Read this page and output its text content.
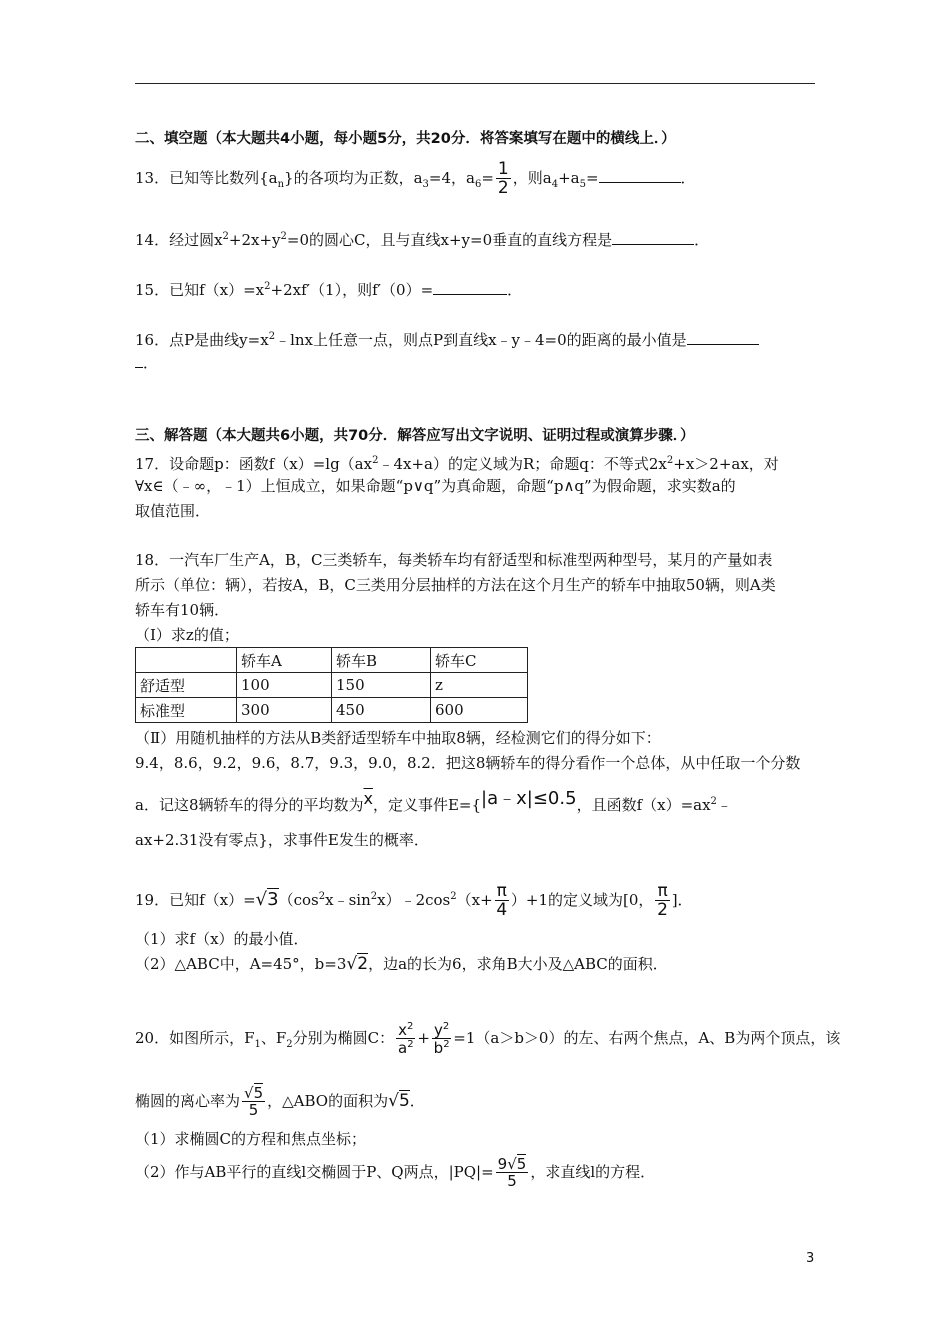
二、填空题（本大题共4小题，每小题5分，共20分．将答案填写在题中的横线上．）
13．已知等比数列$\{a_n\}$的各项均为正数，$a_3=4$，$a_6= \frac{1}{2}$ ，则$a_4+a_5=$	．
14．经过圆$x^2+2x+y^2=0$的圆心C，且与直线x+y=0垂直的直线方程是	．
15．已知$f(x)=x^2+2xf'(1)$，则f′（0）=	．
16．点P是曲线$y=x^2﹣\ln x$上任意一点，则点P到直线x﹣y﹣4=0的距离的最小值是
．
三、解答题（本大题共6小题，共70分．解答应写出文字说明、证明过程或演算步骤．）
17．设命题p：函数$f(x)=\lg(ax^2﹣4x+a)$的定义域为R；命题q：不等式$2x^2+x>2+ax$，对
∀x∈（﹣∞，﹣1）上恒成立，如果命题“p∨q”为真命题，命题“p∧q”为假命题，求实数a的
取值范围．
18．一汽车厂生产A，B，C三类轿车，每类轿车均有舒适型和标准型两种型号，某月的产量如表
所示（单位：辆），若按A，B，C三类用分层抽样的方法在这个月生产的轿车中抽取50辆，则A类
轿车有10辆．
（Ⅰ）求z的值；
	轿车A	轿车B	轿车C
舒适型	100	150	z
标准型	300	450	600
（Ⅱ）用随机抽样的方法从B类舒适型轿车中抽取8辆，经检测它们的得分如下：
9.4，8.6，9.2，9.6，8.7，9.3，9.0，8.2．把这8辆轿车的得分看作一个总体，从中任取一个分数
a．记这8辆轿车的得分的平均数为$\overline{x}$，定义事件E={|a﹣x|≤0.5，且函数$f(x)=ax^2﹣$
ax+2.31没有零点}，求事件E发生的概率．
19．已知$f(x)=√3(\cos^2x﹣\sin^2x)﹣2\cos^2(x+ \frac{\pi}{4} )+1$的定义域为[0， $\frac{\pi}{2}$ ]．
（1）求f（x）的最小值．
（2）△ABC中，A=45°，b=3√2，边a的长为6，求角B大小及△ABC的面积．
20．如图所示，$F_1$、$F_2$分别为椭圆C： $\frac{x^2}{a^2} + \frac{y^2}{b^2} =1(a>b>0)$的左、右两个焦点，A、B为两个顶点，该
椭圆的离心率为 $\frac{√5}{5}$ ，△ABO的面积为√5．
（1）求椭圆C的方程和焦点坐标；
（2）作与AB平行的直线l交椭圆于P、Q两点，$|PQ|= \frac{9√5}{5}$ ，求直线l的方程．
3
